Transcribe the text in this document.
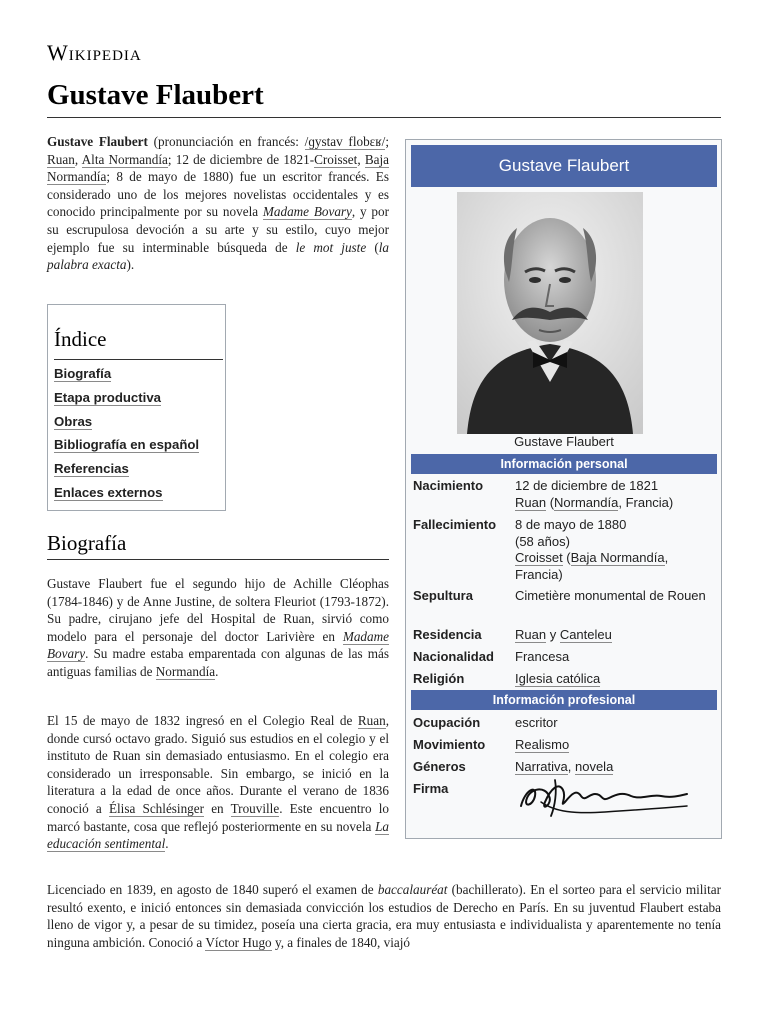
Wikipedia
Gustave Flaubert

Gustave Flaubert (pronunciación en francés: /ɡystav flobɛʁ/; Ruan, Alta Normandía; 12 de diciembre de 1821-Croisset, Baja Normandía; 8 de mayo de 1880) fue un escritor francés. Es considerado uno de los mejores novelistas occidentales y es conocido principalmente por su novela Madame Bovary, y por su escrupulosa devoción a su arte y su estilo, cuyo mejor ejemplo fue su interminable búsqueda de le mot juste (la palabra exacta).

Índice
Biografía
Etapa productiva
Obras
Bibliografía en español
Referencias
Enlaces externos
Biografía

Gustave Flaubert fue el segundo hijo de Achille Cléophas (1784-1846) y de Anne Justine, de soltera Fleuriot (1793-1872). Su padre, cirujano jefe del Hospital de Ruan, sirvió como modelo para el personaje del doctor Larivière en Madame Bovary. Su madre estaba emparentada con algunas de las más antiguas familias de Normandía.

El 15 de mayo de 1832 ingresó en el Colegio Real de Ruan, donde cursó octavo grado. Siguió sus estudios en el colegio y el instituto de Ruan sin demasiado entusiasmo. En el colegio era considerado un irresponsable. Sin embargo, se inició en la literatura a la edad de once años. Durante el verano de 1836 conoció a Élisa Schlésinger en Trouville. Este encuentro lo marcó bastante, cosa que reflejó posteriormente en su novela La educación sentimental.

Licenciado en 1839, en agosto de 1840 superó el examen de baccalauréat (bachillerato). En el sorteo para el servicio militar resultó exento, e inició entonces sin demasiada convicción los estudios de Derecho en París. En su juventud Flaubert estaba lleno de vigor y, a pesar de su timidez, poseía una cierta gracia, era muy entusiasta e individualista y aparentemente no tenía ninguna ambición. Conoció a Víctor Hugo y, a finales de 1840, viajó

Gustave Flaubert
Gustave Flaubert
Información personal
Nacimiento 12 de diciembre de 1821
Ruan (Normandía, Francia)
Fallecimiento 8 de mayo de 1880
(58 años)
Croisset (Baja Normandía, Francia)
Sepultura	Cimetière monumental de Rouen
Residencia	Ruan y Canteleu
Nacionalidad Francesa
Religión	Iglesia católica
Información profesional
Ocupación	escritor
Movimiento Realismo
Géneros	Narrativa, novela
Firma
